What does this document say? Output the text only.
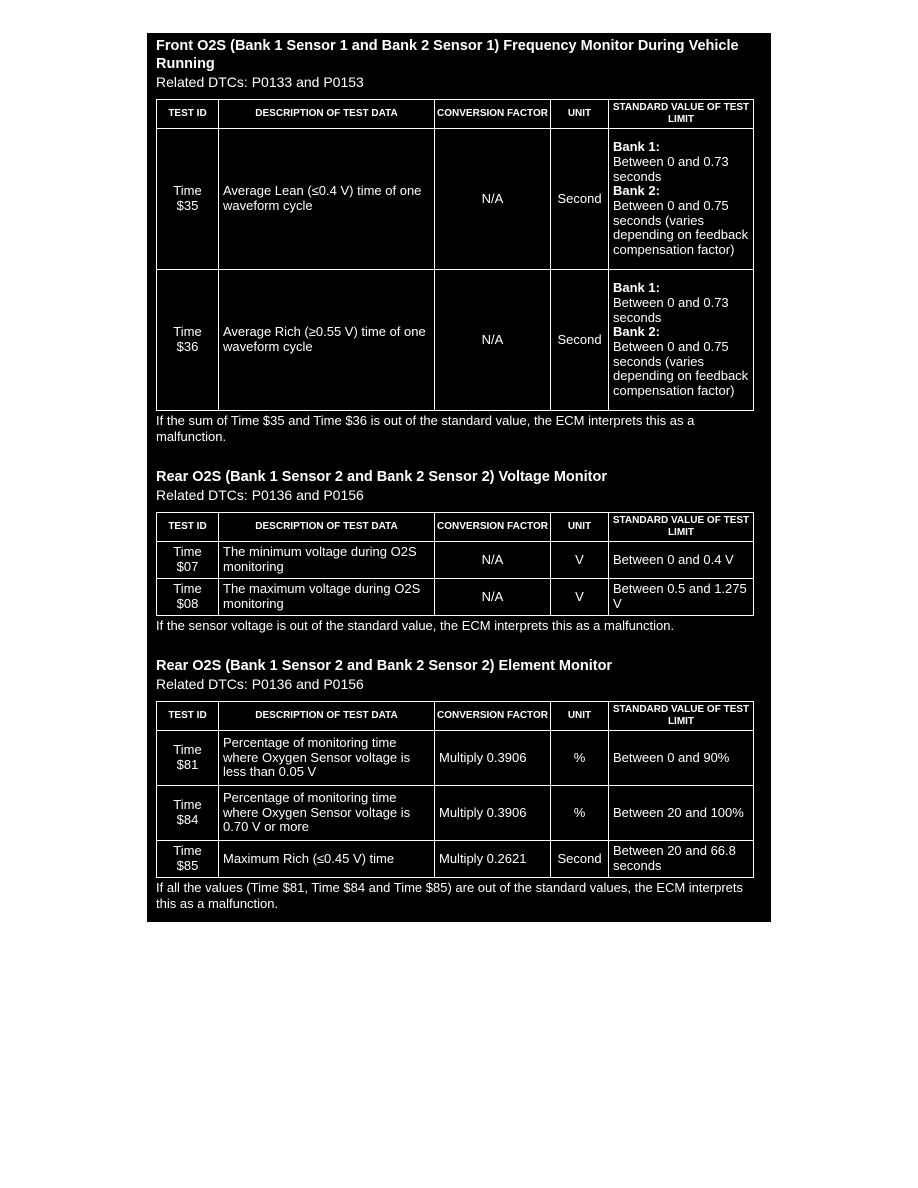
Front O2S (Bank 1 Sensor 1 and Bank 2 Sensor 1) Frequency Monitor During Vehicle Running

Related DTCs: P0133 and P0153

TEST ID	DESCRIPTION OF TEST DATA	CONVERSION FACTOR	UNIT	STANDARD VALUE OF TEST LIMIT
Time $35	Average Lean (≤0.4 V) time of one waveform cycle	N/A	Second	Bank 1:
Between 0 and 0.73 seconds
Bank 2:
Between 0 and 0.75 seconds (varies depending on feedback compensation factor)

Time $36	Average Rich (≥0.55 V) time of one waveform cycle	N/A	Second	Bank 1:
Between 0 and 0.73 seconds
Bank 2:
Between 0 and 0.75 seconds (varies depending on feedback compensation factor)

If the sum of Time $35 and Time $36 is out of the standard value, the ECM interprets this as a malfunction.

Rear O2S (Bank 1 Sensor 2 and Bank 2 Sensor 2) Voltage Monitor

Related DTCs: P0136 and P0156

TEST ID	DESCRIPTION OF TEST DATA	CONVERSION FACTOR	UNIT	STANDARD VALUE OF TEST LIMIT
Time $07	The minimum voltage during O2S monitoring	N/A	V	Between 0 and 0.4 V
Time $08	The maximum voltage during O2S monitoring	N/A	V	Between 0.5 and 1.275 V

If the sensor voltage is out of the standard value, the ECM interprets this as a malfunction.

Rear O2S (Bank 1 Sensor 2 and Bank 2 Sensor 2) Element Monitor

Related DTCs: P0136 and P0156

TEST ID	DESCRIPTION OF TEST DATA	CONVERSION FACTOR	UNIT	STANDARD VALUE OF TEST LIMIT
Time $81	Percentage of monitoring time where Oxygen Sensor voltage is less than 0.05 V	Multiply 0.3906	%	Between 0 and 90%
Time $84	Percentage of monitoring time where Oxygen Sensor voltage is 0.70 V or more	Multiply 0.3906	%	Between 20 and 100%
Time $85	Maximum Rich (≤0.45 V) time	Multiply 0.2621	Second	Between 20 and 66.8 seconds

If all the values (Time $81, Time $84 and Time $85) are out of the standard values, the ECM interprets this as a malfunction.
